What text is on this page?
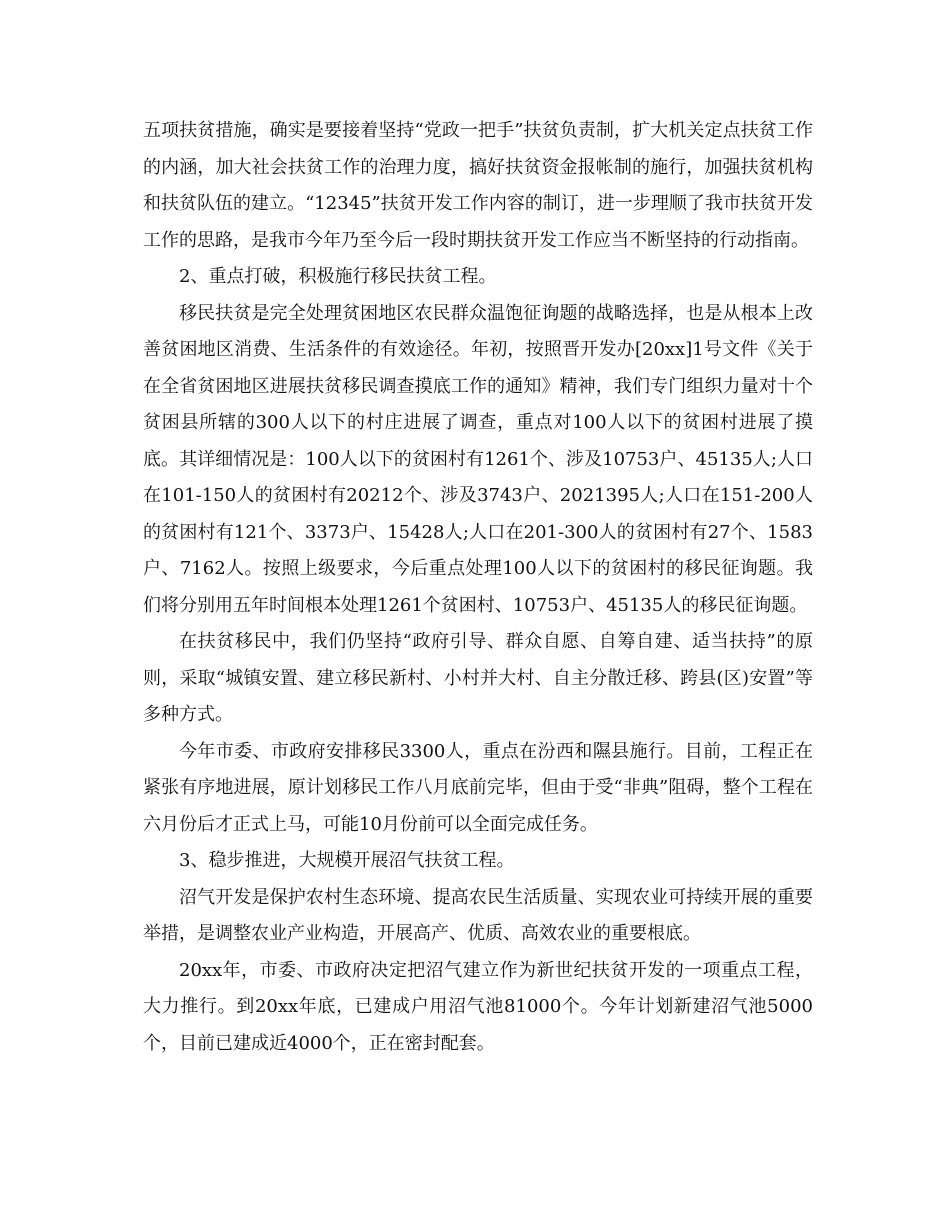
五项扶贫措施，确实是要接着坚持“党政一把手”扶贫负责制，扩大机关定点扶贫工作的内涵，加大社会扶贫工作的治理力度，搞好扶贫资金报帐制的施行，加强扶贫机构和扶贫队伍的建立。“12345”扶贫开发工作内容的制订，进一步理顺了我市扶贫开发工作的思路，是我市今年乃至今后一段时期扶贫开发工作应当不断坚持的行动指南。

2、重点打破，积极施行移民扶贫工程。

移民扶贫是完全处理贫困地区农民群众温饱征询题的战略选择，也是从根本上改善贫困地区消费、生活条件的有效途径。年初，按照晋开发办[20xx]1号文件《关于在全省贫困地区进展扶贫移民调查摸底工作的通知》精神，我们专门组织力量对十个贫困县所辖的300人以下的村庄进展了调查，重点对100人以下的贫困村进展了摸底。其详细情况是：100人以下的贫困村有1261个、涉及10753户、45135人;人口在101-150人的贫困村有20212个、涉及3743户、2021395人;人口在151-200人的贫困村有121个、3373户、15428人;人口在201-300人的贫困村有27个、1583户、7162人。按照上级要求，今后重点处理100人以下的贫困村的移民征询题。我们将分别用五年时间根本处理1261个贫困村、10753户、45135人的移民征询题。

在扶贫移民中，我们仍坚持“政府引导、群众自愿、自筹自建、适当扶持”的原则，采取“城镇安置、建立移民新村、小村并大村、自主分散迁移、跨县(区)安置”等多种方式。

今年市委、市政府安排移民3300人，重点在汾西和隰县施行。目前，工程正在紧张有序地进展，原计划移民工作八月底前完毕，但由于受“非典”阻碍，整个工程在六月份后才正式上马，可能10月份前可以全面完成任务。

3、稳步推进，大规模开展沼气扶贫工程。

沼气开发是保护农村生态环境、提高农民生活质量、实现农业可持续开展的重要举措，是调整农业产业构造，开展高产、优质、高效农业的重要根底。

20xx年，市委、市政府决定把沼气建立作为新世纪扶贫开发的一项重点工程，大力推行。到20xx年底，已建成户用沼气池81000个。今年计划新建沼气池5000个，目前已建成近4000个，正在密封配套。
